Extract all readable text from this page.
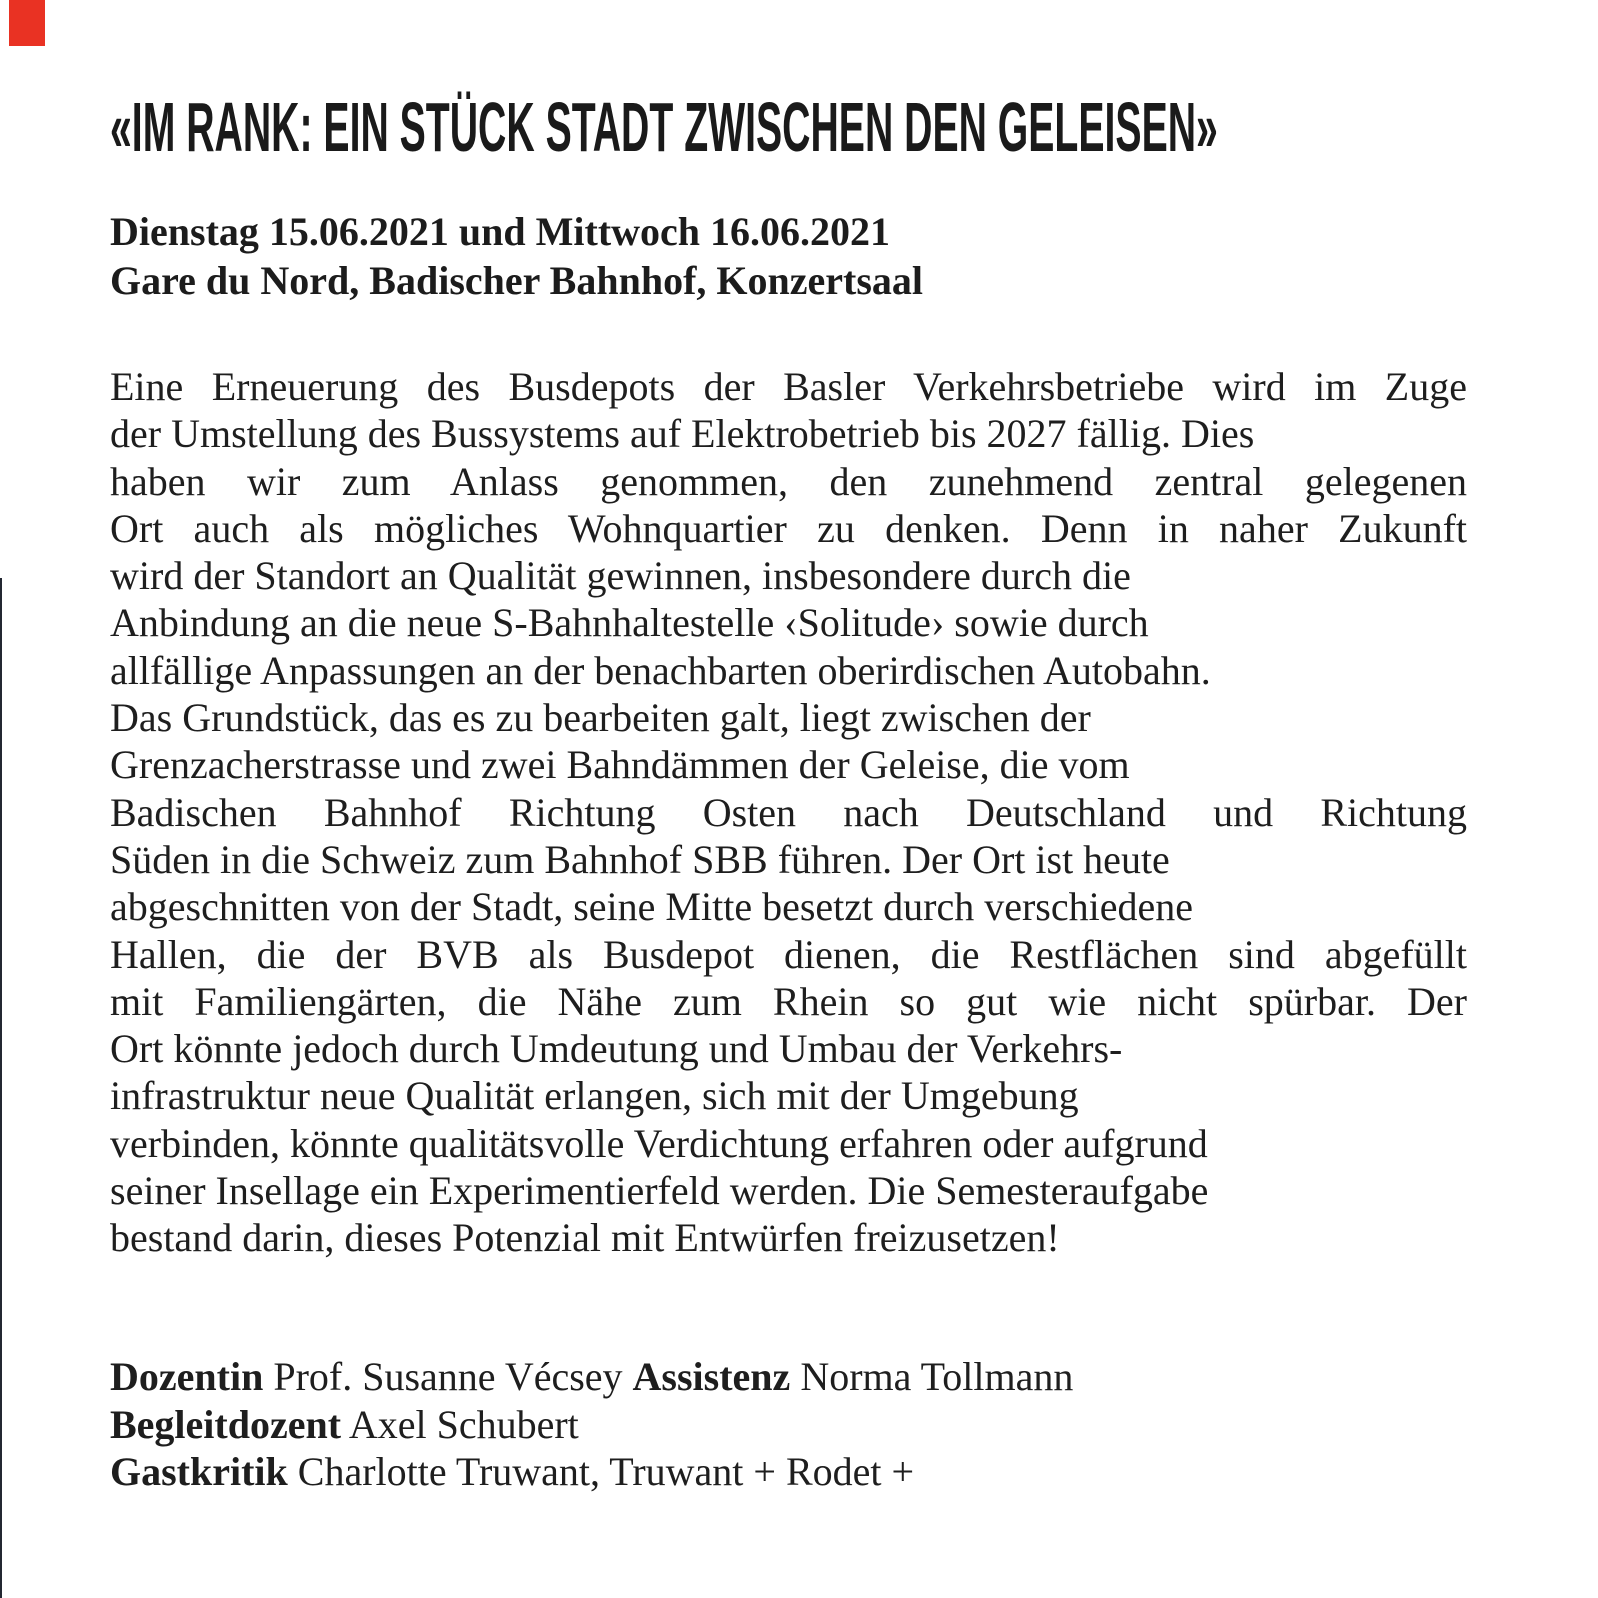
«IM RANK: EIN STÜCK STADT ZWISCHEN DEN GELEISEN»
Dienstag 15.06.2021 und Mittwoch 16.06.2021
Gare du Nord, Badischer Bahnhof, Konzertsaal
Eine Erneuerung des Busdepots der Basler Verkehrsbetriebe wird im Zuge
der Umstellung des Bussystems auf Elektrobetrieb bis 2027 fällig. Dies
haben wir zum Anlass genommen, den zunehmend zentral gelegenen
Ort auch als mögliches Wohnquartier zu denken. Denn in naher Zukunft
wird der Standort an Qualität gewinnen, insbesondere durch die
Anbindung an die neue S-Bahnhaltestelle ‹Solitude› sowie durch
allfällige Anpassungen an der benachbarten oberirdischen Autobahn.
Das Grundstück, das es zu bearbeiten galt, liegt zwischen der
Grenzacherstrasse und zwei Bahndämmen der Geleise, die vom
Badischen Bahnhof Richtung Osten nach Deutschland und Richtung
Süden in die Schweiz zum Bahnhof SBB führen. Der Ort ist heute
abgeschnitten von der Stadt, seine Mitte besetzt durch verschiedene
Hallen, die der BVB als Busdepot dienen, die Restflächen sind abgefüllt
mit Familiengärten, die Nähe zum Rhein so gut wie nicht spürbar. Der
Ort könnte jedoch durch Umdeutung und Umbau der Verkehrs-
infrastruktur neue Qualität erlangen, sich mit der Umgebung
verbinden, könnte qualitätsvolle Verdichtung erfahren oder aufgrund
seiner Insellage ein Experimentierfeld werden. Die Semesteraufgabe
bestand darin, dieses Potenzial mit Entwürfen freizusetzen!
Dozentin Prof. Susanne Vécsey Assistenz Norma Tollmann
Begleitdozent Axel Schubert
Gastkritik Charlotte Truwant, Truwant + Rodet +
